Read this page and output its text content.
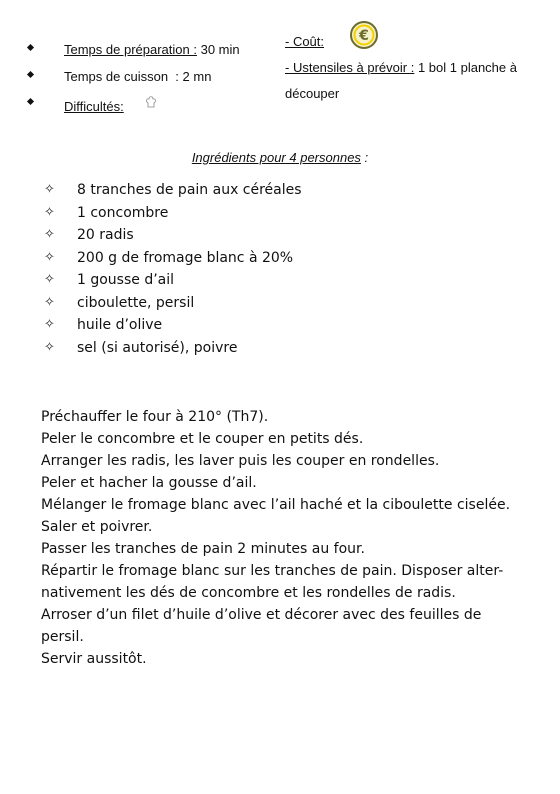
Temps de préparation : 30 min
Temps de cuisson : 2 mn
Difficultés:
- Coût:	€
- Ustensiles à prévoir : 1 bol 1 planche à
découper
Ingrédients pour 4 personnes :
✧ 8 tranches de pain aux céréales
✧ 1 concombre
✧ 20 radis
✧ 200 g de fromage blanc à 20%
✧ 1 gousse d’ail
✧ ciboulette, persil
✧ huile d’olive
✧ sel (si autorisé), poivre

Préchauffer le four à 210° (Th7).

Peler le concombre et le couper en petits dés.

Arranger les radis, les laver puis les couper en rondelles.

Peler et hacher la gousse d’ail.

Mélanger le fromage blanc avec l’ail haché et la ciboulette ciselée.

Saler et poivrer.

Passer les tranches de pain 2 minutes au four.

Répartir le fromage blanc sur les tranches de pain. Disposer alter-

nativement les dés de concombre et les rondelles de radis.

Arroser d’un filet d’huile d’olive et décorer avec des feuilles de

persil.

Servir aussitôt.
